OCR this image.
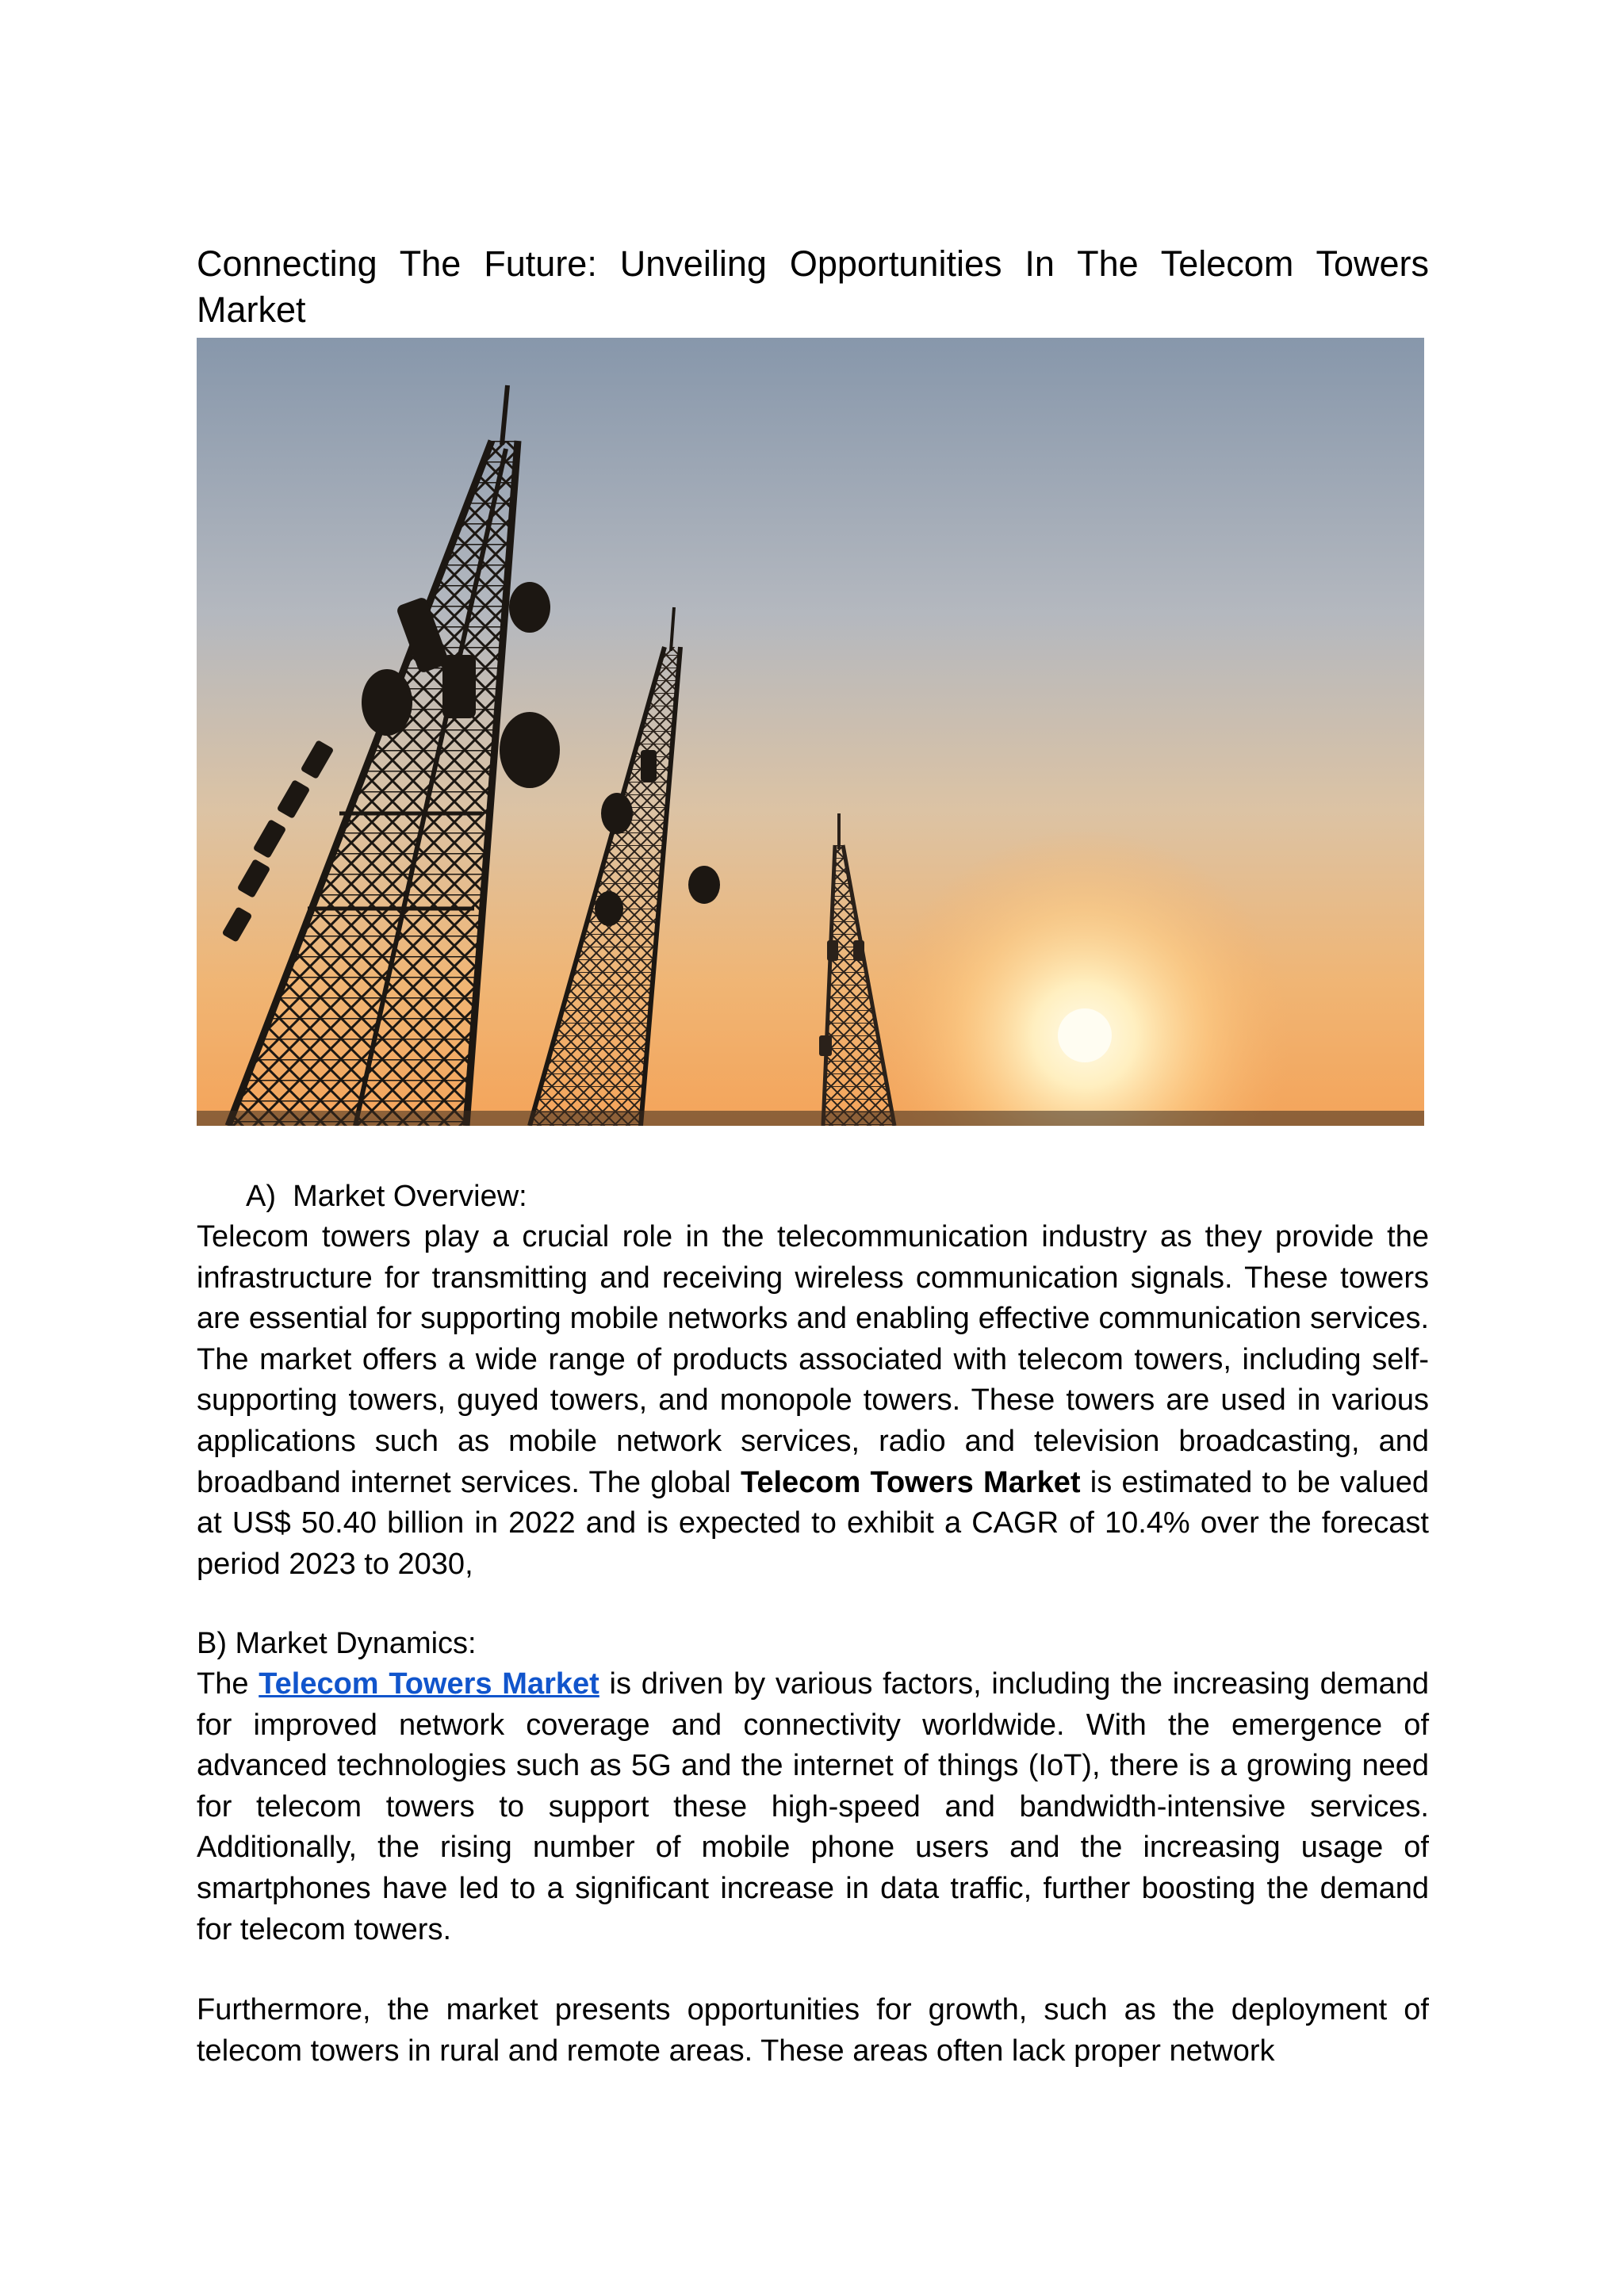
Connecting The Future: Unveiling Opportunities In The Telecom Towers Market
A) Market Overview:

Telecom towers play a crucial role in the telecommunication industry as they provide the infrastructure for transmitting and receiving wireless communication signals. These towers are essential for supporting mobile networks and enabling effective communication services. The market offers a wide range of products associated with telecom towers, including self-supporting towers, guyed towers, and monopole towers. These towers are used in various applications such as mobile network services, radio and television broadcasting, and broadband internet services. The global Telecom Towers Market is estimated to be valued at US$ 50.40 billion in 2022 and is expected to exhibit a CAGR of 10.4% over the forecast period 2023 to 2030,

B) Market Dynamics:

The Telecom Towers Market is driven by various factors, including the increasing demand for improved network coverage and connectivity worldwide. With the emergence of advanced technologies such as 5G and the internet of things (IoT), there is a growing need for telecom towers to support these high-speed and bandwidth-intensive services. Additionally, the rising number of mobile phone users and the increasing usage of smartphones have led to a significant increase in data traffic, further boosting the demand for telecom towers.

Furthermore, the market presents opportunities for growth, such as the deployment of telecom towers in rural and remote areas. These areas often lack proper network
